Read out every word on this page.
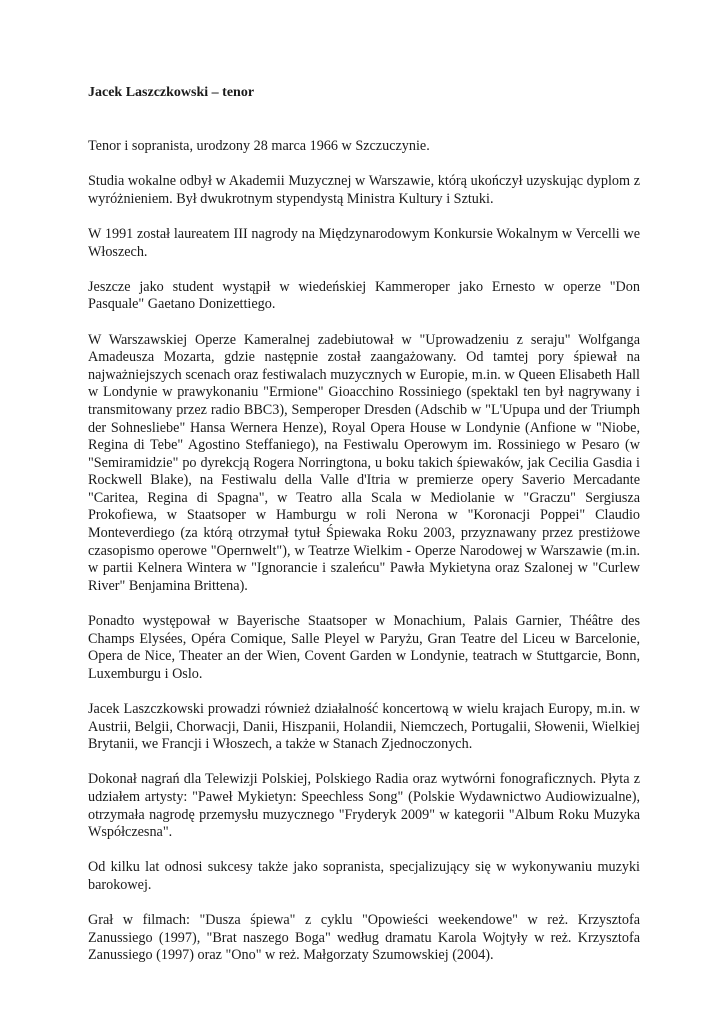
Jacek Laszczkowski – tenor

Tenor i sopranista, urodzony 28 marca 1966 w Szczuczynie.

Studia wokalne odbył w Akademii Muzycznej w Warszawie, którą ukończył uzyskując dyplom z wyróżnieniem. Był dwukrotnym stypendystą Ministra Kultury i Sztuki.

W 1991 został laureatem III nagrody na Międzynarodowym Konkursie Wokalnym w Vercelli we Włoszech.

Jeszcze jako student wystąpił w wiedeńskiej Kammeroper jako Ernesto w operze "Don Pasquale" Gaetano Donizettiego.

W Warszawskiej Operze Kameralnej zadebiutował w "Uprowadzeniu z seraju" Wolfganga Amadeusza Mozarta, gdzie następnie został zaangażowany. Od tamtej pory śpiewał na najważniejszych scenach oraz festiwalach muzycznych w Europie, m.in. w Queen Elisabeth Hall w Londynie w prawykonaniu "Ermione" Gioacchino Rossiniego (spektakl ten był nagrywany i transmitowany przez radio BBC3), Semperoper Dresden (Adschib w "L'Upupa und der Triumph der Sohnesliebe" Hansa Wernera Henze), Royal Opera House w Londynie (Anfione w "Niobe, Regina di Tebe" Agostino Steffaniego), na Festiwalu Operowym im. Rossiniego w Pesaro (w "Semiramidzie" po dyrekcją Rogera Norringtona, u boku takich śpiewaków, jak Cecilia Gasdia i Rockwell Blake), na Festiwalu della Valle d'Itria w premierze opery Saverio Mercadante "Caritea, Regina di Spagna", w Teatro alla Scala w Mediolanie w "Graczu" Sergiusza Prokofiewa, w Staatsoper w Hamburgu w roli Nerona w "Koronacji Poppei" Claudio Monteverdiego (za którą otrzymał tytuł Śpiewaka Roku 2003, przyznawany przez prestiżowe czasopismo operowe "Opernwelt"), w Teatrze Wielkim - Operze Narodowej w Warszawie (m.in. w partii Kelnera Wintera w "Ignorancie i szaleńcu" Pawła Mykietyna oraz Szalonej w "Curlew River" Benjamina Brittena).

Ponadto występował w Bayerische Staatsoper w Monachium, Palais Garnier, Théâtre des Champs Elysées, Opéra Comique, Salle Pleyel w Paryżu, Gran Teatre del Liceu w Barcelonie, Opera de Nice, Theater an der Wien, Covent Garden w Londynie, teatrach w Stuttgarcie, Bonn, Luxemburgu i Oslo.

Jacek Laszczkowski prowadzi również działalność koncertową w wielu krajach Europy, m.in. w Austrii, Belgii, Chorwacji, Danii, Hiszpanii, Holandii, Niemczech, Portugalii, Słowenii, Wielkiej Brytanii, we Francji i Włoszech, a także w Stanach Zjednoczonych.

Dokonał nagrań dla Telewizji Polskiej, Polskiego Radia oraz wytwórni fonograficznych. Płyta z udziałem artysty: "Paweł Mykietyn: Speechless Song" (Polskie Wydawnictwo Audiowizualne), otrzymała nagrodę przemysłu muzycznego "Fryderyk 2009" w kategorii "Album Roku Muzyka Współczesna".

Od kilku lat odnosi sukcesy także jako sopranista, specjalizujący się w wykonywaniu muzyki barokowej.

Grał w filmach: "Dusza śpiewa" z cyklu "Opowieści weekendowe" w reż. Krzysztofa Zanussiego (1997), "Brat naszego Boga" według dramatu Karola Wojtyły w reż. Krzysztofa Zanussiego (1997) oraz "Ono" w reż. Małgorzaty Szumowskiej (2004).
